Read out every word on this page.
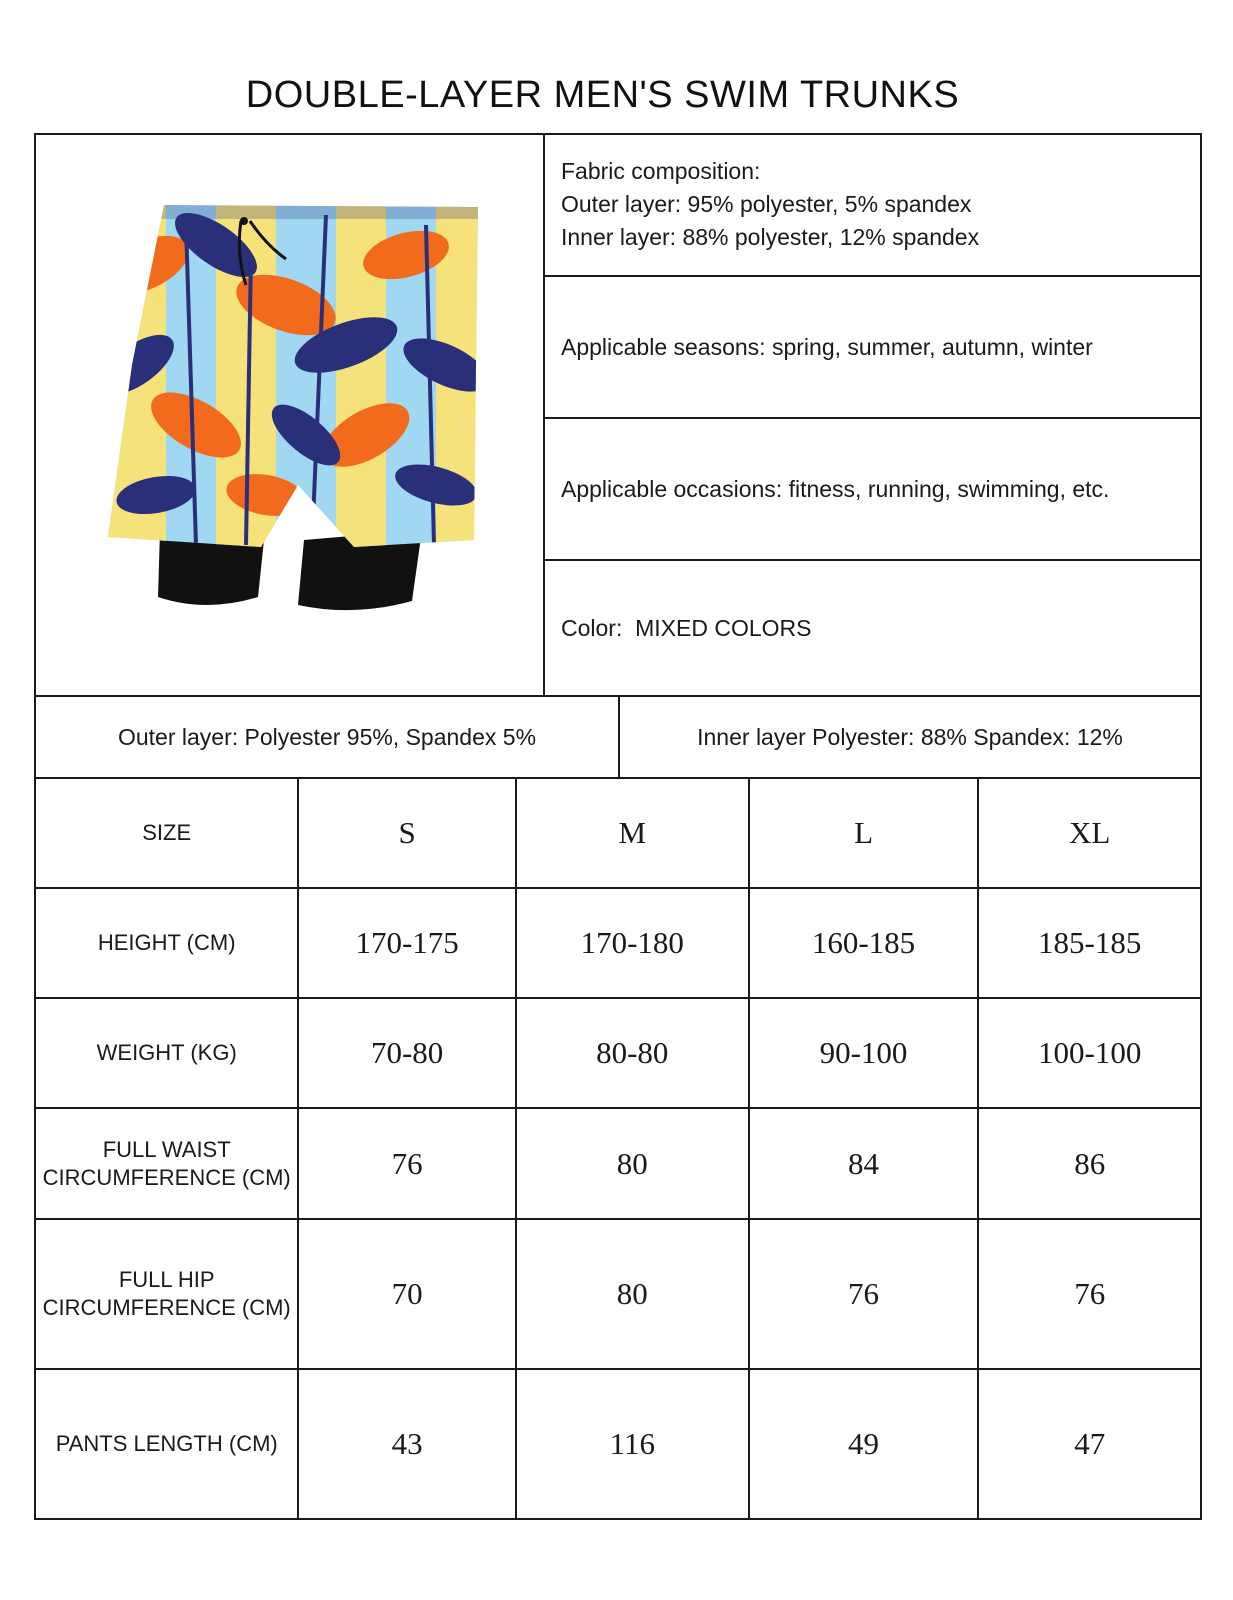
DOUBLE-LAYER MEN'S SWIM TRUNKS
Fabric composition:
Outer layer: 95% polyester, 5% spandex
Inner layer: 88% polyester, 12% spandex
Applicable seasons: spring, summer, autumn, winter
Applicable occasions: fitness, running, swimming, etc.
Color:  MIXED COLORS
Outer layer: Polyester 95%, Spandex 5%	Inner layer Polyester: 88% Spandex: 12%
SIZE	S	M	L	XL
HEIGHT (CM)	170-175	170-180	160-185	185-185
WEIGHT (KG)	70-80	80-80	90-100	100-100
FULL WAIST CIRCUMFERENCE (CM)	76	80	84	86
FULL HIP CIRCUMFERENCE (CM)	70	80	76	76
PANTS LENGTH (CM)	43	116	49	47
